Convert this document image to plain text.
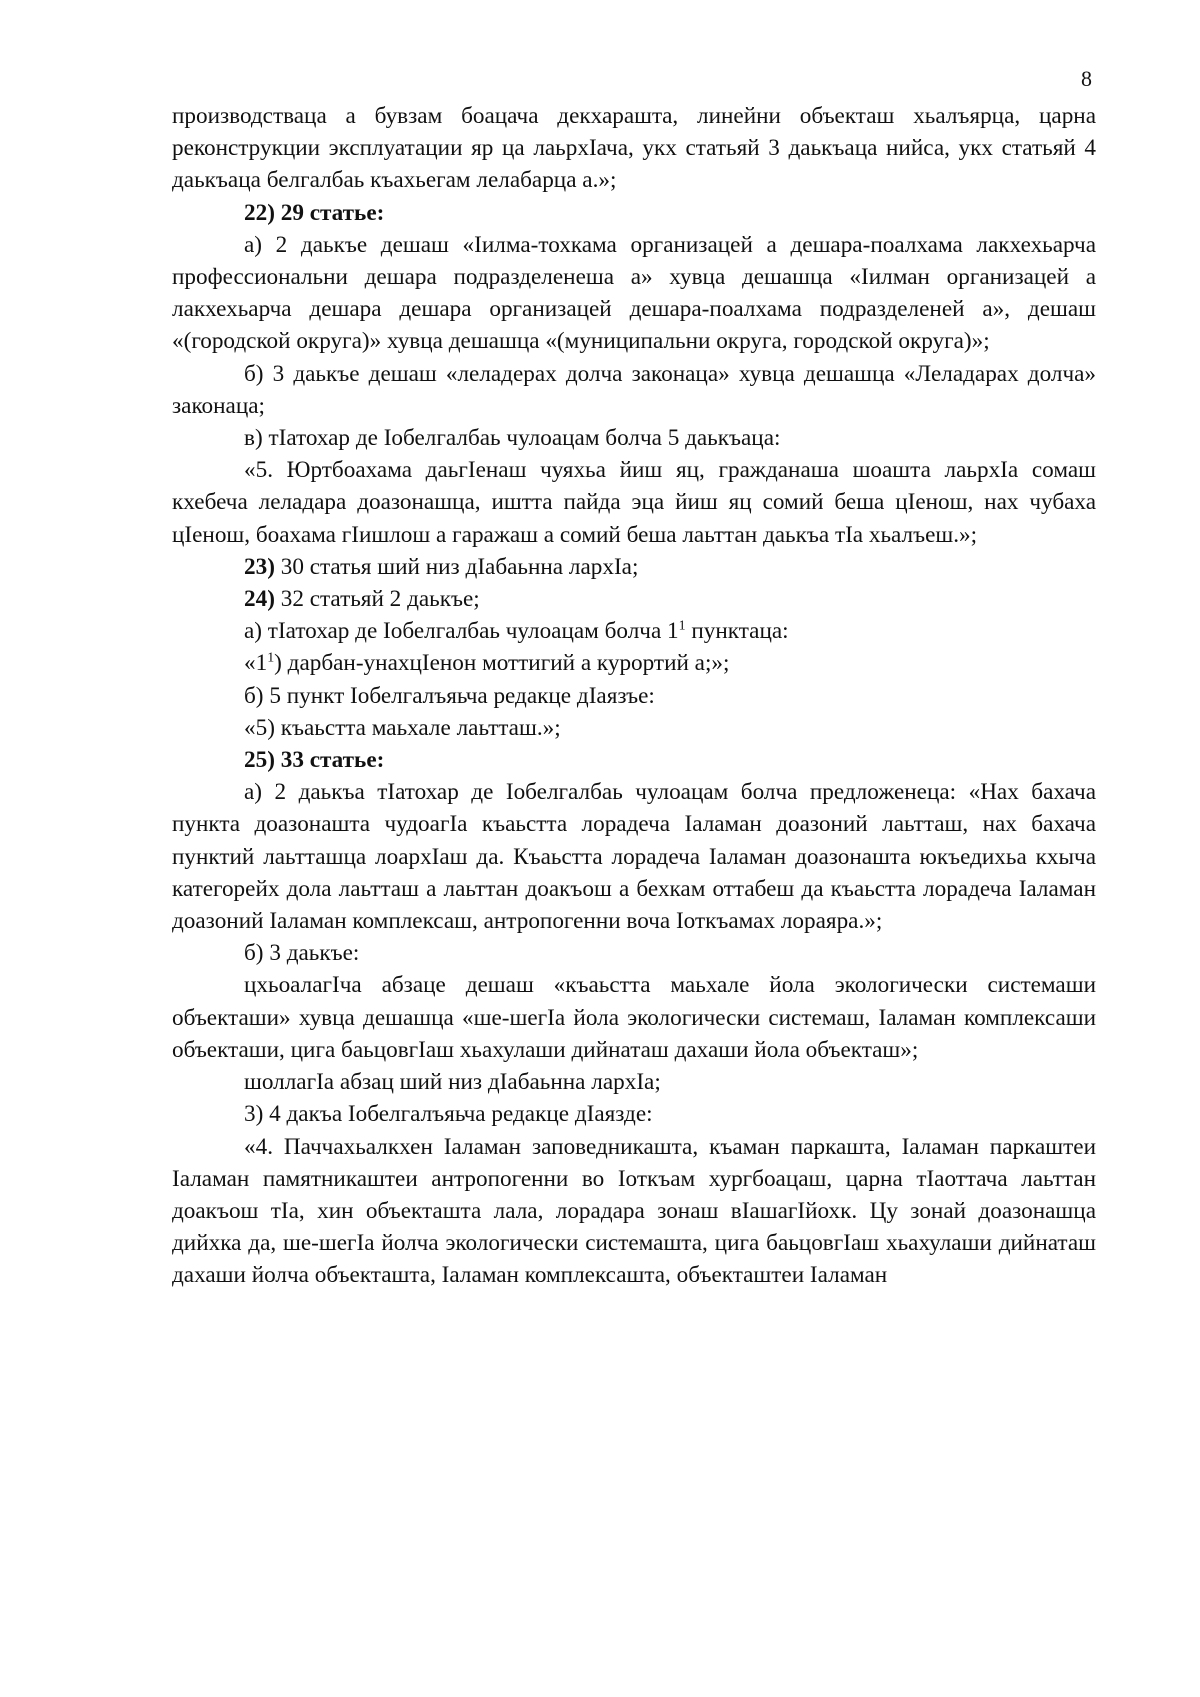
8

производстваца а бувзам боацача декхараштa, линейни объекташ хьалъярца, царна реконструкции эксплуатации яр ца лаьрхIача, укх статьяй 3 даькъаца нийса, укх статьяй 4 даькъаца белгалбаь къахьегам лелабарца а.»;

22) 29 статье:

а) 2 даькъе дешаш «Iилма-тохкама организацей а дешара-поалхама лакхехьарча профессиональни дешара подразделенеша а» хувца дешашца «Iилман организацей а лакхехьарча дешара дешара организацей дешара-поалхама подразделеней а», дешаш «(городской округа)» хувца дешашца «(муниципальни округа, городской округа)»;

б) 3 даькъе дешаш «леладерах долча законаца» хувца дешашца «Леладарах долча» законаца;

в) тIатохар де Iобелгалбаь чулоацам болча 5 даькъаца:

«5. Юртбоахама даьгIенаш чуяхьа йиш яц, гражданаша шоашта лаьрхIа сомаш кхебеча леладара доазонашца, иштта пайда эца йиш яц сомий беша цIенош, нах чубаха цIенош, боахама гIишлош а гаражаш а сомий беша лаьттан даькъа тIа хьалъеш.»;

23) 30 статья ший низ дIабаьнна лархIа;

24) 32 статьяй 2 даькъе;

а) тIатохар де Iобелгалбаь чулоацам болча $1^1$ пунктаца:

«$1^1$) дарбан-унахцIенон моттигий а курортий а;»;

б) 5 пункт Iобелгалъяьча редакце дIаязъе:

«5) къаьстта маьхале лаьтташ.»;

25) 33 статье:

а) 2 даькъа тIатохар де Iобелгалбаь чулоацам болча предложенеца: «Нах бахача пункта доазонашта чудоагIа къаьстта лорадеча Iаламан доазоний лаьтташ, нах бахача пунктий лаьтташца лоархIаш да. Къаьстта лорадеча Iаламан доазонашта юкъедихьа кхыча категорейх дола лаьтташ а лаьттан доакъош а бехкам оттабеш да къаьстта лорадеча Iаламан доазоний Iаламан комплексаш, антропогенни воча Iоткъамах лораяра.»;

б) 3 даькъе:

цхьоалагIча абзаце дешаш «къаьстта маьхале йола экологически системаши объекташи» хувца дешашца «ше-шегIа йола экологически системаш, Iаламан комплексаши объекташи, цига баьцовгIаш хьахулаши дийнаташ дахаши йола объекташ»;

шоллагIа абзац ший низ дIабаьнна лархIа;

3) 4 дакъа Iобелгалъяьча редакце дIаязде:

«4. Паччахьалкхен Iаламан заповедникашта, къаман паркашта, Iаламан паркаштеи Iаламан памятникаштеи антропогенни во Iоткъам хургбоацаш, царна тIаоттача лаьттан доакъош тIа, хин объекташта лала, лорадара зонаш вIашагIйохк. Цу зонай доазонашца дийхка да, ше-шегIа йолча экологически системашта, цига баьцовгIаш хьахулаши дийнаташ дахаши йолча объекташта, Iаламан комплексашта, объекташтеи Iаламан
